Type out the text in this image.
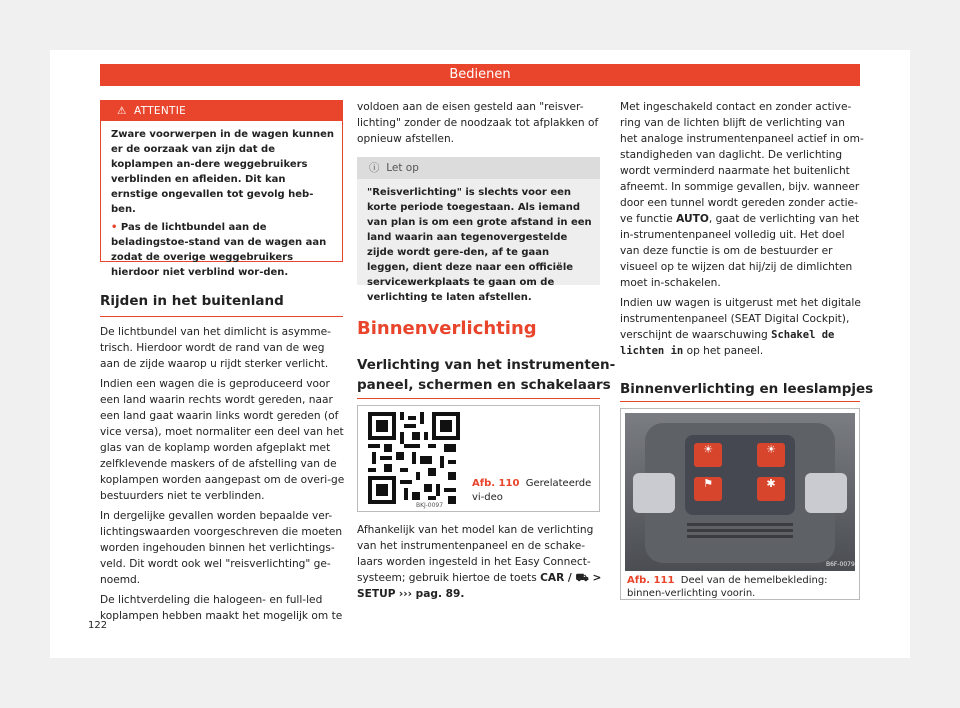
Bedienen
⚠ ATTENTIE

Zware voorwerpen in de wagen kunnen er de oorzaak van zijn dat de koplampen an-dere weggebruikers verblinden en afleiden. Dit kan ernstige ongevallen tot gevolg heb-ben.

• Pas de lichtbundel aan de beladingstoe-stand van de wagen aan zodat de overige weggebruikers hierdoor niet verblind wor-den.

Rijden in het buitenland

De lichtbundel van het dimlicht is asymme-trisch. Hierdoor wordt de rand van de weg aan de zijde waarop u rijdt sterker verlicht.

Indien een wagen die is geproduceerd voor een land waarin rechts wordt gereden, naar een land gaat waarin links wordt gereden (of vice versa), moet normaliter een deel van het glas van de koplamp worden afgeplakt met zelfklevende maskers of de afstelling van de koplampen worden aangepast om de overi-ge bestuurders niet te verblinden.

In dergelijke gevallen worden bepaalde ver-lichtingswaarden voorgeschreven die moeten worden ingehouden binnen het verlichtings-veld. Dit wordt ook wel "reisverlichting" ge-noemd.

De lichtverdeling die halogeen- en full-led koplampen hebben maakt het mogelijk om te

voldoen aan de eisen gesteld aan "reisver-lichting" zonder de noodzaak tot afplakken of opnieuw afstellen.

ⓘ Let op
"Reisverlichting" is slechts voor een korte periode toegestaan. Als iemand van plan is om een grote afstand in een land waarin aan tegenovergestelde zijde wordt gere-den, af te gaan leggen, dient deze naar een officiële servicewerkplaats te gaan om de verlichting te laten afstellen.
Binnenverlichting
Verlichting van het instrumenten-
paneel, schermen en schakelaars
BKJ-0097
Afb. 110 Gerelateerde vi-deo

Afhankelijk van het model kan de verlichting van het instrumentenpaneel en de schake-laars worden ingesteld in het Easy Connect-systeem; gebruik hiertoe de toets CAR / ⛟ > SETUP ››› pag. 89.

Met ingeschakeld contact en zonder active-ring van de lichten blijft de verlichting van het analoge instrumentenpaneel actief in om-standigheden van daglicht. De verlichting wordt verminderd naarmate het buitenlicht afneemt. In sommige gevallen, bijv. wanneer door een tunnel wordt gereden zonder actie-ve functie AUTO, gaat de verlichting van het in-strumentenpaneel volledig uit. Het doel van deze functie is om de bestuurder er visueel op te wijzen dat hij/zij de dimlichten moet in-schakelen.

Indien uw wagen is uitgerust met het digitale instrumentenpaneel (SEAT Digital Cockpit), verschijnt de waarschuwing Schakel de lichten in op het paneel.

Binnenverlichting en leeslampjes
☀	☀
⚑	✱
B6F-0079
Afb. 111 Deel van de hemelbekleding: binnen-verlichting voorin.
122
